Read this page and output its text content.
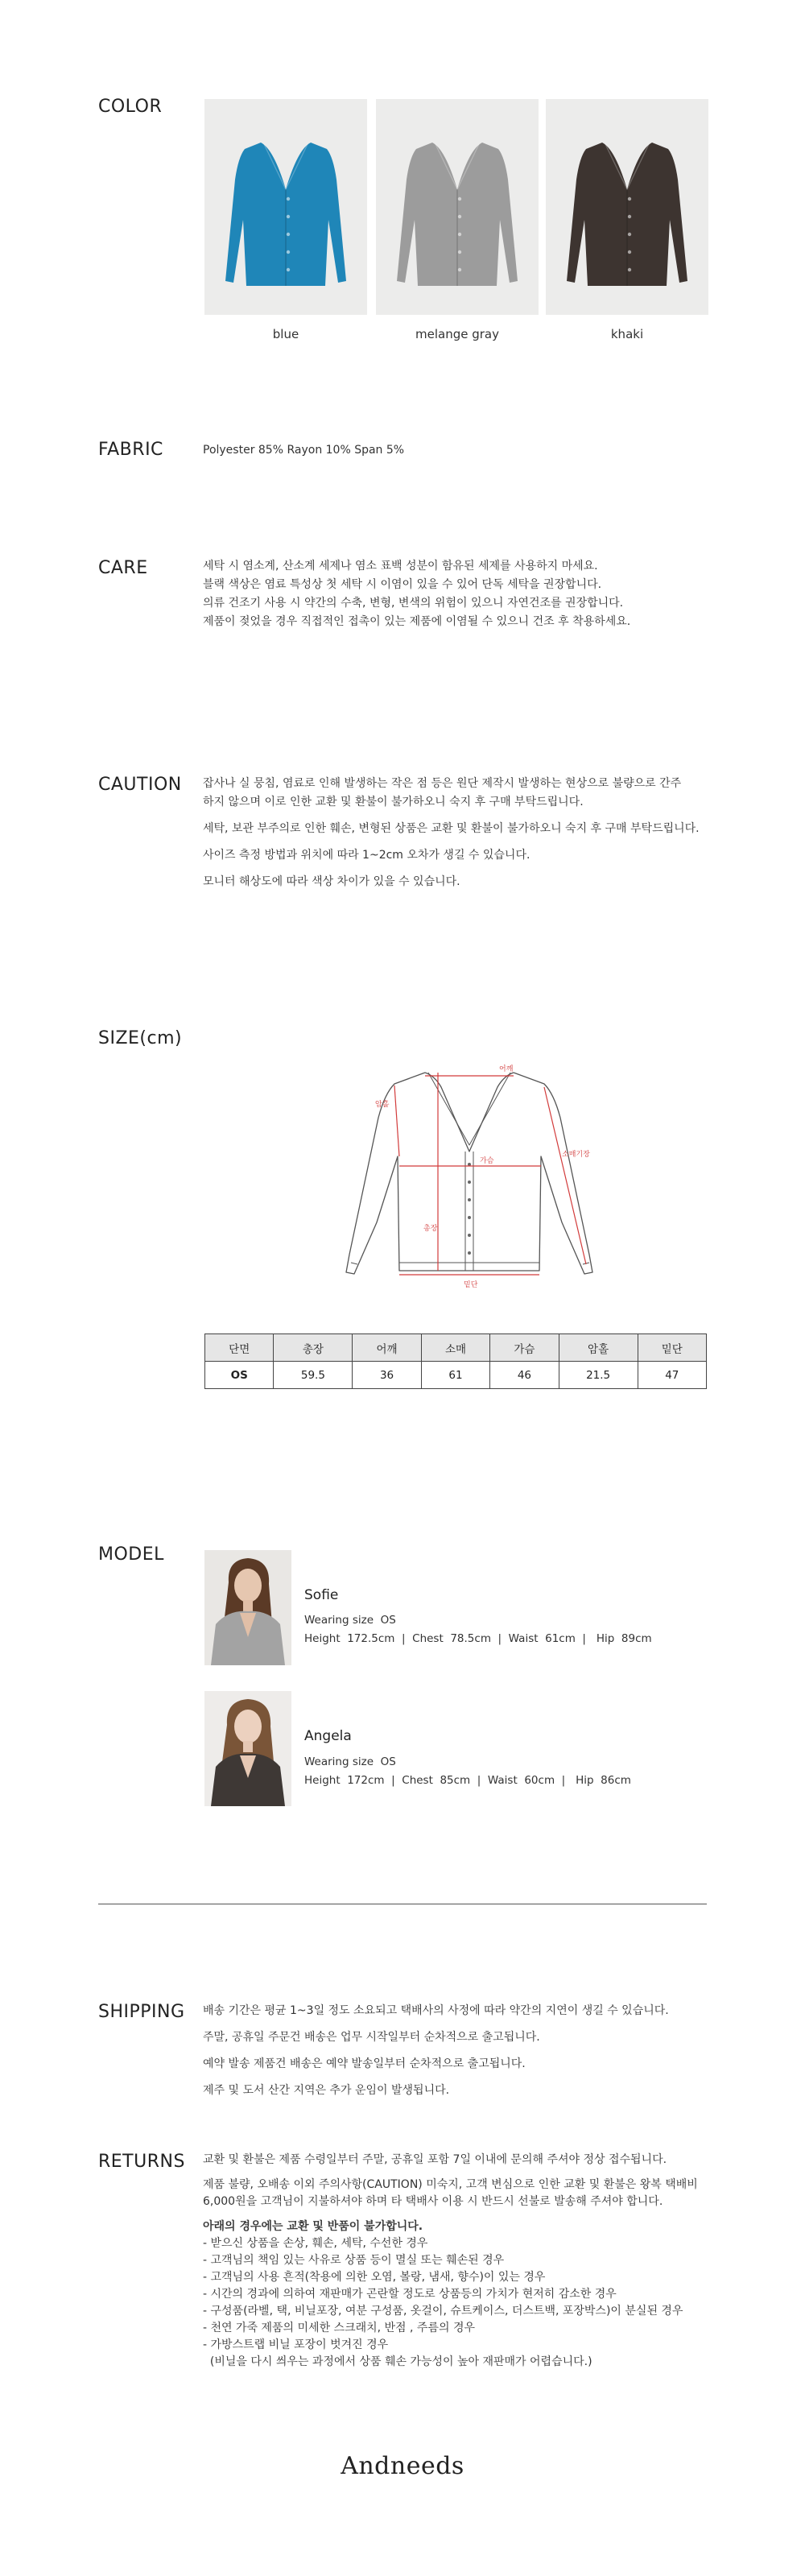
COLOR
blue	melange gray	khaki
FABRIC	Polyester 85% Rayon 10% Span 5%
CARE	세탁 시 염소계, 산소계 세제나 염소 표백 성분이 함유된 세제를 사용하지 마세요.

블랙 색상은 염료 특성상 첫 세탁 시 이염이 있을 수 있어 단독 세탁을 권장합니다.

의류 건조기 사용 시 약간의 수축, 변형, 변색의 위험이 있으니 자연건조를 권장합니다.

제품이 젖었을 경우 직접적인 접촉이 있는 제품에 이염될 수 있으니 건조 후 착용하세요.

CAUTION 잡사나 실 뭉침, 염료로 인해 발생하는 작은 점 등은 원단 제작시 발생하는 현상으로 불량으로 간주

하지 않으며 이로 인한 교환 및 환불이 불가하오니 숙지 후 구매 부탁드립니다.

세탁, 보관 부주의로 인한 훼손, 변형된 상품은 교환 및 환불이 불가하오니 숙지 후 구매 부탁드립니다.

사이즈 측정 방법과 위치에 따라 1~2cm 오차가 생길 수 있습니다.

모니터 해상도에 따라 색상 차이가 있을 수 있습니다.

SIZE(cm)
어깨
암홀
가슴
소매기장
총장
밑단
단면	총장	어깨	소매	가슴	암홀	밑단
OS	59.5	36	61	46	21.5	47
MODEL
Sofie
Wearing size  OS
Height  172.5cm  |  Chest  78.5cm  |  Waist  61cm  |   Hip  89cm
Angela
Wearing size  OS
Height  172cm  |  Chest  85cm  |  Waist  60cm  |   Hip  86cm
SHIPPING 배송 기간은 평균 1~3일 정도 소요되고 택배사의 사정에 따라 약간의 지연이 생길 수 있습니다.

주말, 공휴일 주문건 배송은 업무 시작일부터 순차적으로 출고됩니다.

예약 발송 제품건 배송은 예약 발송일부터 순차적으로 출고됩니다.

제주 및 도서 산간 지역은 추가 운임이 발생됩니다.

RETURNS 교환 및 환불은 제품 수령일부터 주말, 공휴일 포함 7일 이내에 문의해 주셔야 정상 접수됩니다.

제품 불량, 오배송 이외 주의사항(CAUTION) 미숙지, 고객 변심으로 인한 교환 및 환불은 왕복 택배비

6,000원을 고객님이 지불하셔야 하며 타 택배사 이용 시 반드시 선불로 발송해 주셔야 합니다.

아래의 경우에는 교환 및 반품이 불가합니다.

- 받으신 상품을 손상, 훼손, 세탁, 수선한 경우

- 고객님의 책임 있는 사유로 상품 등이 멸실 또는 훼손된 경우

- 고객님의 사용 흔적(착용에 의한 오염, 볼랑, 냄새, 향수)이 있는 경우

- 시간의 경과에 의하여 재판매가 곤란할 정도로 상품등의 가치가 현저히 감소한 경우

- 구성품(라벨, 택, 비닐포장, 여분 구성품, 옷걸이, 슈트케이스, 더스트백, 포장박스)이 분실된 경우

- 천연 가죽 제품의 미세한 스크래치, 반점 , 주름의 경우

- 가방스트랩 비닐 포장이 벗겨진 경우

(비닐을 다시 씌우는 과정에서 상품 훼손 가능성이 높아 재판매가 어렵습니다.)

Andneeds
